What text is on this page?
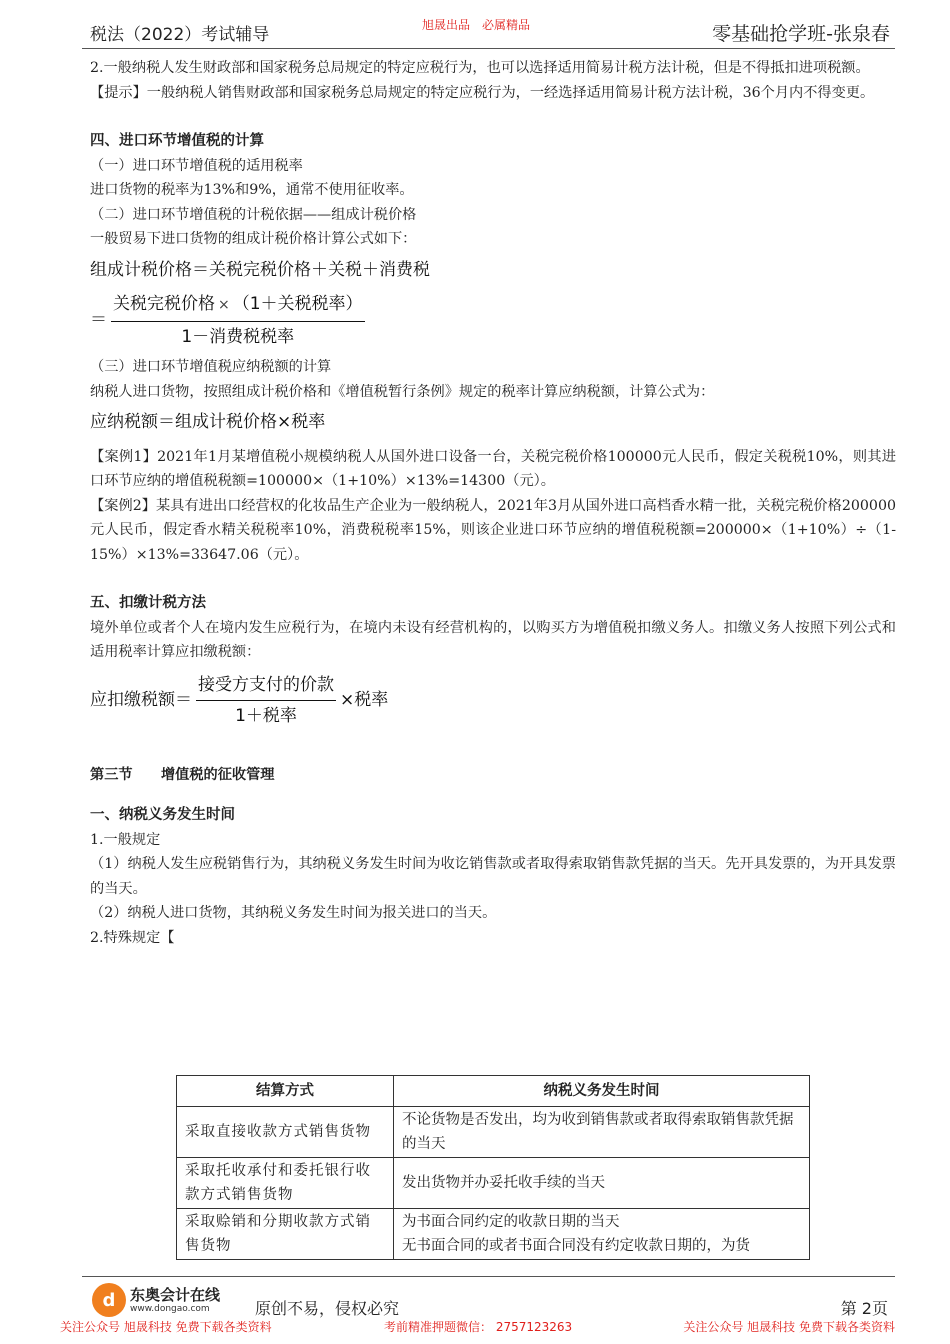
税法（2022）考试辅导	旭晟出品　必属精品	零基础抢学班-张泉春

2.一般纳税人发生财政部和国家税务总局规定的特定应税行为，也可以选择适用简易计税方法计税，但是不得抵扣进项税额。

【提示】一般纳税人销售财政部和国家税务总局规定的特定应税行为，一经选择适用简易计税方法计税，36个月内不得变更。

四、进口环节增值税的计算

（一）进口环节增值税的适用税率

进口货物的税率为13%和9%，通常不使用征收率。

（二）进口环节增值税的计税依据——组成计税价格

一般贸易下进口货物的组成计税价格计算公式如下：

组成计税价格＝关税完税价格＋关税＋消费税
＝ $\frac{\text{关税完税价格 × （1＋关税税率）}}{\text{1－消费税税率}}$

（三）进口环节增值税应纳税额的计算

纳税人进口货物，按照组成计税价格和《增值税暂行条例》规定的税率计算应纳税额，计算公式为：

应纳税额＝组成计税价格×税率

【案例1】2021年1月某增值税小规模纳税人从国外进口设备一台，关税完税价格100000元人民币，假定关税税10%，则其进口环节应纳的增值税税额=100000×（1+10%）×13%=14300（元）。

【案例2】某具有进出口经营权的化妆品生产企业为一般纳税人，2021年3月从国外进口高档香水精一批，关税完税价格200000元人民币，假定香水精关税税率10%，消费税税率15%，则该企业进口环节应纳的增值税税额=200000×（1+10%）÷（1-15%）×13%=33647.06（元）。

五、扣缴计税方法

境外单位或者个人在境内发生应税行为，在境内未设有经营机构的，以购买方为增值税扣缴义务人。扣缴义务人按照下列公式和适用税率计算应扣缴税额：

应扣缴税额＝ $\frac{\text{接受方支付的价款}}{\text{1＋税率}}$ ×税率

第三节　　增值税的征收管理

一、纳税义务发生时间

1.一般规定

（1）纳税人发生应税销售行为，其纳税义务发生时间为收讫销售款或者取得索取销售款凭据的当天。先开具发票的，为开具发票的当天。

（2）纳税人进口货物，其纳税义务发生时间为报关进口的当天。

2.特殊规定【

结算方式	纳税义务发生时间
采取直接收款方式销售货物	不论货物是否发出，均为收到销售款或者取得索取销售款凭据的当天
采取托收承付和委托银行收款方式销售货物	发出货物并办妥托收手续的当天
采取赊销和分期收款方式销售货物	为书面合同约定的收款日期的当天
无书面合同的或者书面合同没有约定收款日期的，为货
d 东奥会计在线
www.dongao.com	原创不易，侵权必究	第 2页
关注公众号 旭晟科技 免费下载各类资料	考前精准押题微信： 2757123263	关注公众号 旭晟科技 免费下载各类资料
